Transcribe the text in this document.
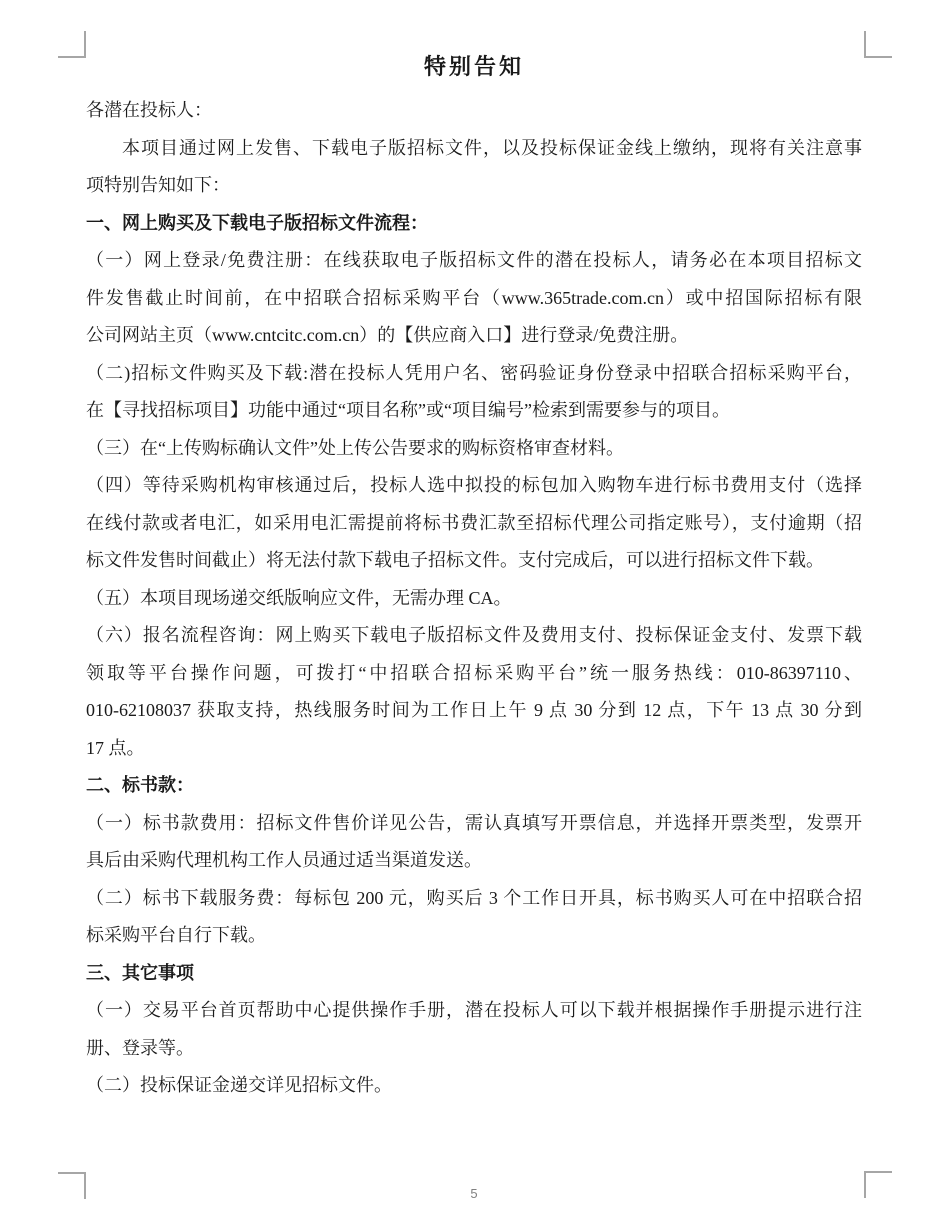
特别告知

各潜在投标人：

本项目通过网上发售、下载电子版招标文件，以及投标保证金线上缴纳，现将有关注意事
项特别告知如下：
一、网上购买及下载电子版招标文件流程：
（一）网上登录/免费注册：在线获取电子版招标文件的潜在投标人，请务必在本项目招标文
件发售截止时间前，在中招联合招标采购平台（www.365trade.com.cn）或中招国际招标有限
公司网站主页（www.cntcitc.com.cn）的【供应商入口】进行登录/免费注册。
（二)招标文件购买及下载:潜在投标人凭用户名、密码验证身份登录中招联合招标采购平台，
在【寻找招标项目】功能中通过“项目名称”或“项目编号”检索到需要参与的项目。
（三）在“上传购标确认文件”处上传公告要求的购标资格审查材料。
（四）等待采购机构审核通过后，投标人选中拟投的标包加入购物车进行标书费用支付（选择
在线付款或者电汇，如采用电汇需提前将标书费汇款至招标代理公司指定账号），支付逾期（招
标文件发售时间截止）将无法付款下载电子招标文件。支付完成后，可以进行招标文件下载。
（五）本项目现场递交纸版响应文件，无需办理 CA。
（六）报名流程咨询：网上购买下载电子版招标文件及费用支付、投标保证金支付、发票下载
领取等平台操作问题，可拨打“中招联合招标采购平台”统一服务热线：010-86397110、
010-62108037 获取支持，热线服务时间为工作日上午 9 点 30 分到 12 点，下午 13 点 30 分到
17 点。
二、标书款：
（一）标书款费用：招标文件售价详见公告，需认真填写开票信息，并选择开票类型，发票开
具后由采购代理机构工作人员通过适当渠道发送。
（二）标书下载服务费：每标包 200 元，购买后 3 个工作日开具，标书购买人可在中招联合招
标采购平台自行下载。
三、其它事项
（一）交易平台首页帮助中心提供操作手册，潜在投标人可以下载并根据操作手册提示进行注
册、登录等。
（二）投标保证金递交详见招标文件。
5
